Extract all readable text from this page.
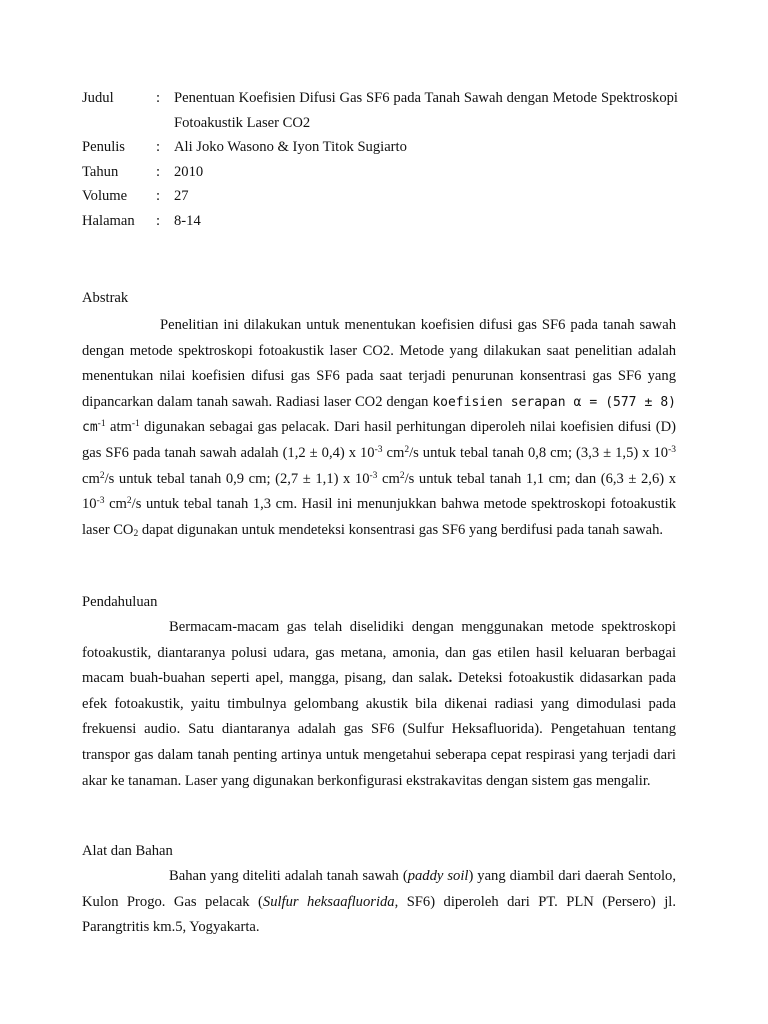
Judul	: Penentuan Koefisien Difusi Gas SF6 pada Tanah Sawah dengan Metode Spektroskopi Fotoakustik Laser CO2
Penulis	: Ali Joko Wasono & Iyon Titok Sugiarto
Tahun	: 2010
Volume	: 27
Halaman	: 8-14
Abstrak

Penelitian ini dilakukan untuk menentukan koefisien difusi gas SF6 pada tanah sawah dengan metode spektroskopi fotoakustik laser CO2. Metode yang dilakukan saat penelitian adalah menentukan nilai koefisien difusi gas SF6 pada saat terjadi penurunan konsentrasi gas SF6 yang dipancarkan dalam tanah sawah. Radiasi laser CO2 dengan koefisien serapan α = (577 ± 8) $cm^{-1}$ atm$^{-1}$ digunakan sebagai gas pelacak. Dari hasil perhitungan diperoleh nilai koefisien difusi (D) gas SF6 pada tanah sawah adalah (1,2 ± 0,4) x $10^{-3}$ $cm^2/s$ untuk tebal tanah 0,8 cm; (3,3 ± 1,5) x $10^{-3}$ $cm^2/s$ untuk tebal tanah 0,9 cm; (2,7 ± 1,1) x $10^{-3}$ $cm^2/s$ untuk tebal tanah 1,1 cm; dan (6,3 ± 2,6) x $10^{-3}$ $cm^2/s$ untuk tebal tanah 1,3 cm. Hasil ini menunjukkan bahwa metode spektroskopi fotoakustik laser $CO_2$ dapat digunakan untuk mendeteksi konsentrasi gas SF6 yang berdifusi pada tanah sawah.

Pendahuluan

Bermacam-macam gas telah diselidiki dengan menggunakan metode spektroskopi fotoakustik, diantaranya polusi udara, gas metana, amonia, dan gas etilen hasil keluaran berbagai macam buah-buahan seperti apel, mangga, pisang, dan salak. Deteksi fotoakustik didasarkan pada efek fotoakustik, yaitu timbulnya gelombang akustik bila dikenai radiasi yang dimodulasi pada frekuensi audio. Satu diantaranya adalah gas SF6 (Sulfur Heksafluorida). Pengetahuan tentang transpor gas dalam tanah penting artinya untuk mengetahui seberapa cepat respirasi yang terjadi dari akar ke tanaman. Laser yang digunakan berkonfigurasi ekstrakavitas dengan sistem gas mengalir.

Alat dan Bahan

Bahan yang diteliti adalah tanah sawah (paddy soil) yang diambil dari daerah Sentolo, Kulon Progo. Gas pelacak (Sulfur heksaafluorida, SF6) diperoleh dari PT. PLN (Persero) jl. Parangtritis km.5, Yogyakarta.
